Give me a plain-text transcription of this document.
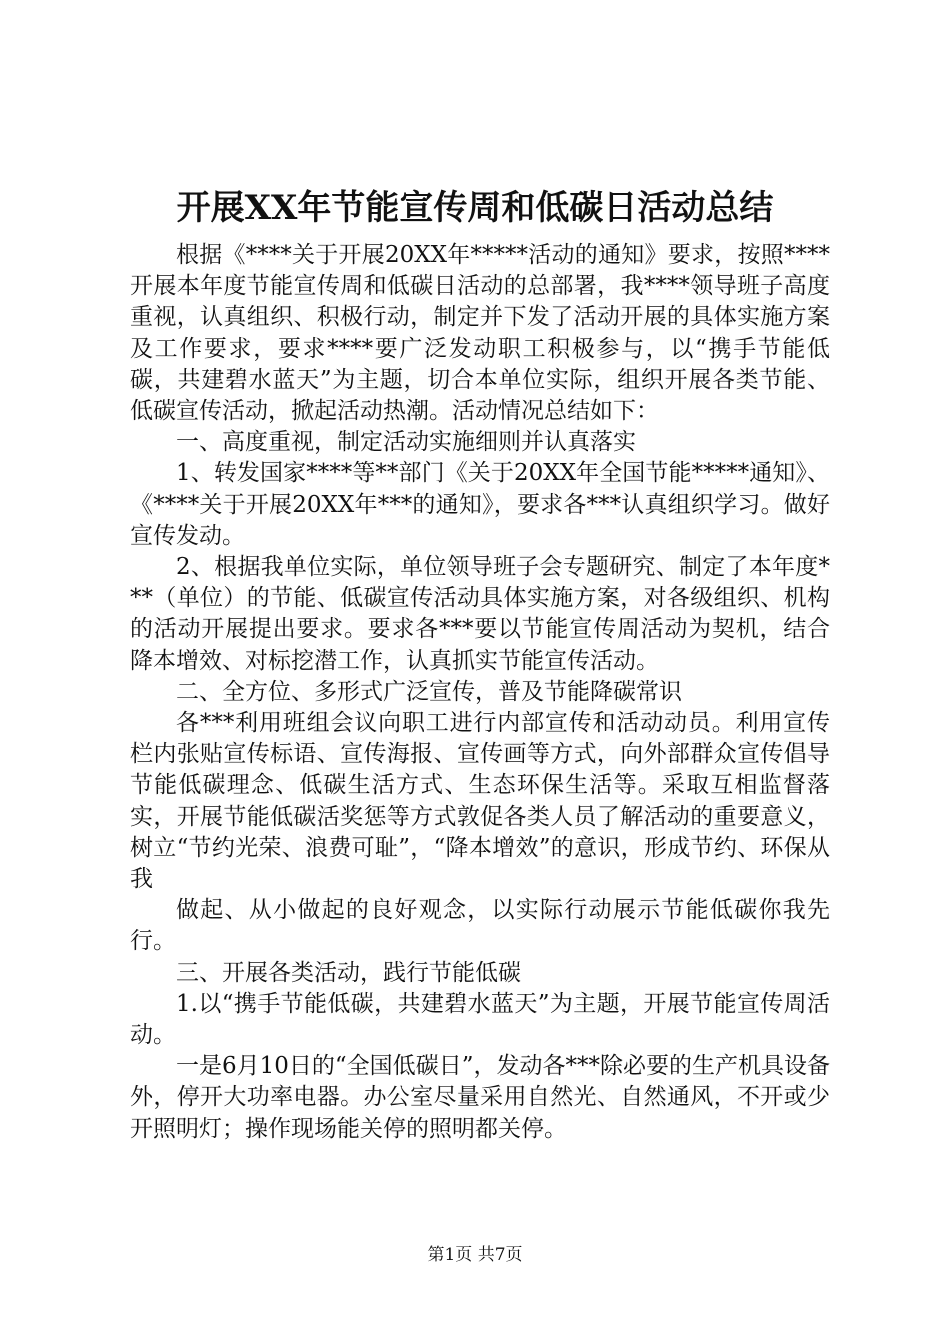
开展XX年节能宣传周和低碳日活动总结

根据《****关于开展20XX年*****活动的通知》要求，按照****开展本年度节能宣传周和低碳日活动的总部署，我****领导班子高度重视，认真组织、积极行动，制定并下发了活动开展的具体实施方案及工作要求，要求****要广泛发动职工积极参与，以“携手节能低碳，共建碧水蓝天”为主题，切合本单位实际，组织开展各类节能、低碳宣传活动，掀起活动热潮。活动情况总结如下：

一、高度重视，制定活动实施细则并认真落实

1、转发国家****等**部门《关于20XX年全国节能*****通知》、《****关于开展20XX年***的通知》，要求各***认真组织学习。做好宣传发动。

2、根据我单位实际，单位领导班子会专题研究、制定了本年度***（单位）的节能、低碳宣传活动具体实施方案，对各级组织、机构的活动开展提出要求。要求各***要以节能宣传周活动为契机，结合降本增效、对标挖潜工作，认真抓实节能宣传活动。

二、全方位、多形式广泛宣传，普及节能降碳常识

各***利用班组会议向职工进行内部宣传和活动动员。利用宣传栏内张贴宣传标语、宣传海报、宣传画等方式，向外部群众宣传倡导节能低碳理念、低碳生活方式、生态环保生活等。采取互相监督落实，开展节能低碳活奖惩等方式敦促各类人员了解活动的重要意义，树立“节约光荣、浪费可耻”，“降本增效”的意识，形成节约、环保从我

做起、从小做起的良好观念，以实际行动展示节能低碳你我先行。

三、开展各类活动，践行节能低碳

1.以“携手节能低碳，共建碧水蓝天”为主题，开展节能宣传周活动。

一是6月10日的“全国低碳日”，发动各***除必要的生产机具设备外，停开大功率电器。办公室尽量采用自然光、自然通风，不开或少开照明灯；操作现场能关停的照明都关停。

第1页 共7页
